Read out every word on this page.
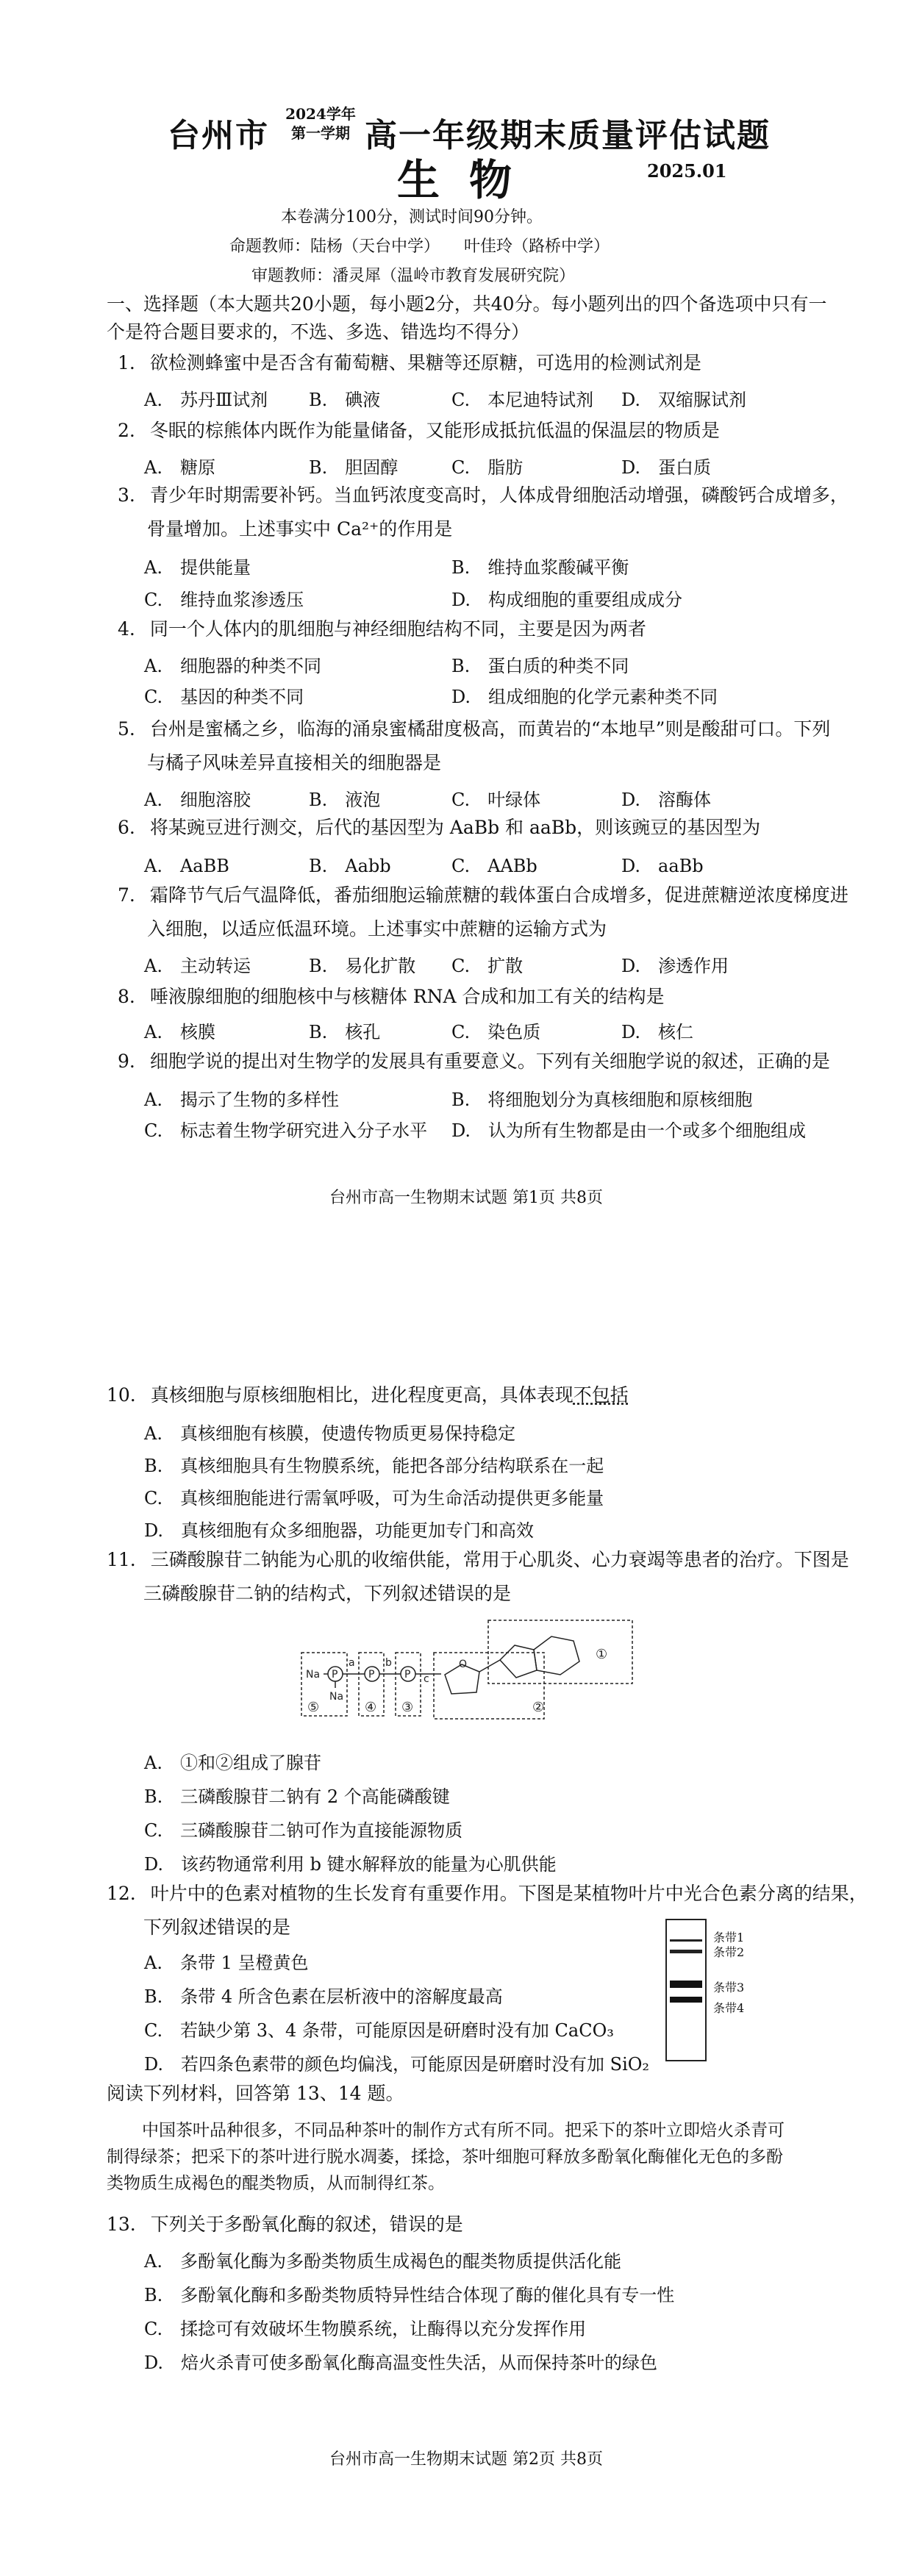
台州市
2024学年
第一学期 高一年级期末质量评估试题
生物	2025.01
本卷满分100分，测试时间90分钟。
命题教师：陆杨（天台中学）　　叶佳玲（路桥中学）
审题教师：潘灵犀（温岭市教育发展研究院）
一、选择题（本大题共20小题，每小题2分，共40分。每小题列出的四个备选项中只有一
个是符合题目要求的，不选、多选、错选均不得分）
1. 欲检测蜂蜜中是否含有葡萄糖、果糖等还原糖，可选用的检测试剂是
A.　苏丹Ⅲ试剂 B.　碘液	C.　本尼迪特试剂 D.　双缩脲试剂
2. 冬眠的棕熊体内既作为能量储备，又能形成抵抗低温的保温层的物质是
A.　糖原	B.　胆固醇	C.　脂肪	D.　蛋白质
3. 青少年时期需要补钙。当血钙浓度变高时，人体成骨细胞活动增强，磷酸钙合成增多，
骨量增加。上述事实中 Ca²⁺的作用是
A.　提供能量	B.　维持血浆酸碱平衡
C.　维持血浆渗透压	D.　构成细胞的重要组成成分
4. 同一个人体内的肌细胞与神经细胞结构不同，主要是因为两者
A.　细胞器的种类不同	B.　蛋白质的种类不同
C.　基因的种类不同	D.　组成细胞的化学元素种类不同
5. 台州是蜜橘之乡，临海的涌泉蜜橘甜度极高，而黄岩的“本地早”则是酸甜可口。下列
与橘子风味差异直接相关的细胞器是
A.　细胞溶胶	B.　液泡	C.　叶绿体	D.　溶酶体
6. 将某豌豆进行测交，后代的基因型为 AaBb 和 aaBb，则该豌豆的基因型为
A.　AaBB	B.　Aabb	C.　AABb	D.　aaBb
7. 霜降节气后气温降低，番茄细胞运输蔗糖的载体蛋白合成增多，促进蔗糖逆浓度梯度进
入细胞，以适应低温环境。上述事实中蔗糖的运输方式为
A.　主动转运	B.　易化扩散 C.　扩散	D.　渗透作用
8. 唾液腺细胞的细胞核中与核糖体 RNA 合成和加工有关的结构是
A.　核膜	B.　核孔	C.　染色质	D.　核仁
9. 细胞学说的提出对生物学的发展具有重要意义。下列有关细胞学说的叙述，正确的是
A.　揭示了生物的多样性	B.　将细胞划分为真核细胞和原核细胞
C.　标志着生物学研究进入分子水平 D.　认为所有生物都是由一个或多个细胞组成
台州市高一生物期末试题 第1页 共8页
10. 真核细胞与原核细胞相比，进化程度更高，具体表现不包括
A.　真核细胞有核膜，使遗传物质更易保持稳定
B.　真核细胞具有生物膜系统，能把各部分结构联系在一起
C.　真核细胞能进行需氧呼吸，可为生命活动提供更多能量
D.　真核细胞有众多细胞器，功能更加专门和高效
11. 三磷酸腺苷二钠能为心肌的收缩供能，常用于心肌炎、心力衰竭等患者的治疗。下图是
三磷酸腺苷二钠的结构式，下列叙述错误的是
Na P
Na
a
P
b
P c
O
①
②
③
④
⑤
A.　①和②组成了腺苷
B.　三磷酸腺苷二钠有 2 个高能磷酸键
C.　三磷酸腺苷二钠可作为直接能源物质
D.　该药物通常利用 b 键水解释放的能量为心肌供能
12. 叶片中的色素对植物的生长发育有重要作用。下图是某植物叶片中光合色素分离的结果，
下列叙述错误的是	条带1
条带2
条带3
条带4
A.　条带 1 呈橙黄色
B.　条带 4 所含色素在层析液中的溶解度最高
C.　若缺少第 3、4 条带，可能原因是研磨时没有加 CaCO₃
D.　若四条色素带的颜色均偏浅，可能原因是研磨时没有加 SiO₂
阅读下列材料，回答第 13、14 题。
中国茶叶品种很多，不同品种茶叶的制作方式有所不同。把采下的茶叶立即焙火杀青可
制得绿茶；把采下的茶叶进行脱水凋萎，揉捻，茶叶细胞可释放多酚氧化酶催化无色的多酚
类物质生成褐色的醌类物质，从而制得红茶。
13. 下列关于多酚氧化酶的叙述，错误的是
A.　多酚氧化酶为多酚类物质生成褐色的醌类物质提供活化能
B.　多酚氧化酶和多酚类物质特异性结合体现了酶的催化具有专一性
C.　揉捻可有效破坏生物膜系统，让酶得以充分发挥作用
D.　焙火杀青可使多酚氧化酶高温变性失活，从而保持茶叶的绿色
台州市高一生物期末试题 第2页 共8页
